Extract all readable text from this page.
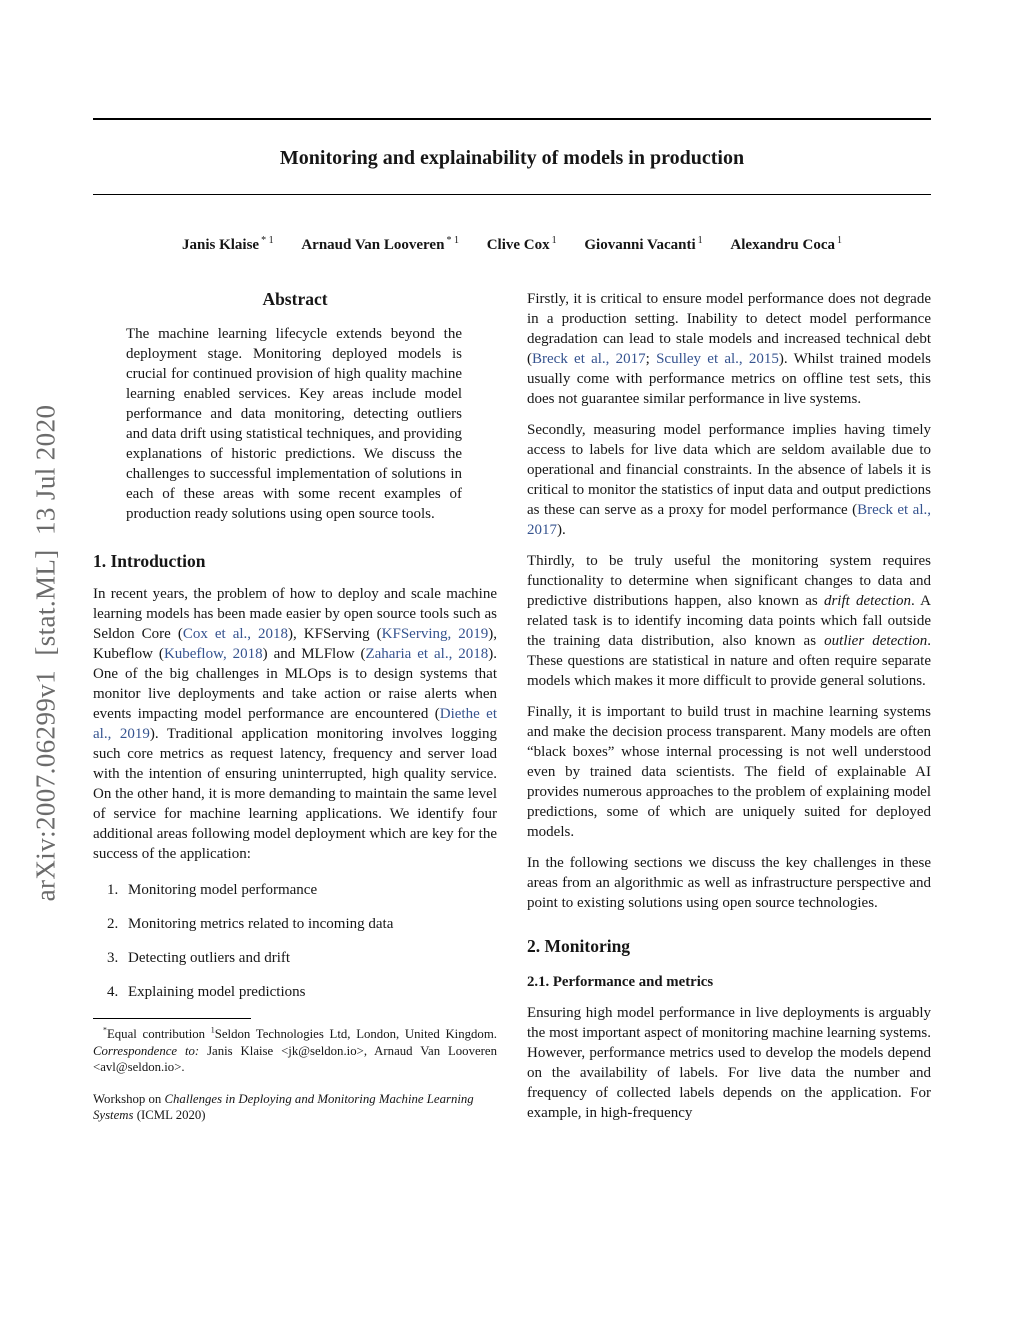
arXiv:2007.06299v1  [stat.ML]  13 Jul 2020
Monitoring and explainability of models in production
Janis Klaise $^{* 1}$ Arnaud Van Looveren $^{* 1}$ Clive Cox $^1$ Giovanni Vacanti $^1$ Alexandru Coca $^1$
Abstract

The machine learning lifecycle extends beyond the deployment stage. Monitoring deployed models is crucial for continued provision of high quality machine learning enabled services. Key areas include model performance and data monitoring, detecting outliers and data drift using statistical techniques, and providing explanations of historic predictions. We discuss the challenges to successful implementation of solutions in each of these areas with some recent examples of production ready solutions using open source tools.

1. Introduction

In recent years, the problem of how to deploy and scale machine learning models has been made easier by open source tools such as Seldon Core (Cox et al., 2018), KFServing (KFServing, 2019), Kubeflow (Kubeflow, 2018) and MLFlow (Zaharia et al., 2018). One of the big challenges in MLOps is to design systems that monitor live deployments and take action or raise alerts when events impacting model performance are encountered (Diethe et al., 2019). Traditional application monitoring involves logging such core metrics as request latency, frequency and server load with the intention of ensuring uninterrupted, high quality service. On the other hand, it is more demanding to maintain the same level of service for machine learning applications. We identify four additional areas following model deployment which are key for the success of the application:

1. Monitoring model performance
2. Monitoring metrics related to incoming data
3. Detecting outliers and drift
4. Explaining model predictions

*Equal contribution $^1$Seldon Technologies Ltd, London, United Kingdom. Correspondence to: Janis Klaise <jk@seldon.io>, Arnaud Van Looveren <avl@seldon.io>.

Workshop on Challenges in Deploying and Monitoring Machine Learning Systems (ICML 2020)

Firstly, it is critical to ensure model performance does not degrade in a production setting. Inability to detect model performance degradation can lead to stale models and increased technical debt (Breck et al., 2017; Sculley et al., 2015). Whilst trained models usually come with performance metrics on offline test sets, this does not guarantee similar performance in live systems.

Secondly, measuring model performance implies having timely access to labels for live data which are seldom available due to operational and financial constraints. In the absence of labels it is critical to monitor the statistics of input data and output predictions as these can serve as a proxy for model performance (Breck et al., 2017).

Thirdly, to be truly useful the monitoring system requires functionality to determine when significant changes to data and predictive distributions happen, also known as drift detection. A related task is to identify incoming data points which fall outside the training data distribution, also known as outlier detection. These questions are statistical in nature and often require separate models which makes it more difficult to provide general solutions.

Finally, it is important to build trust in machine learning systems and make the decision process transparent. Many models are often “black boxes” whose internal processing is not well understood even by trained data scientists. The field of explainable AI provides numerous approaches to the problem of explaining model predictions, some of which are uniquely suited for deployed models.

In the following sections we discuss the key challenges in these areas from an algorithmic as well as infrastructure perspective and point to existing solutions using open source technologies.

2. Monitoring
2.1. Performance and metrics

Ensuring high model performance in live deployments is arguably the most important aspect of monitoring machine learning systems. However, performance metrics used to develop the models depend on the availability of labels. For live data the number and frequency of collected labels depends on the application. For example, in high-frequency
